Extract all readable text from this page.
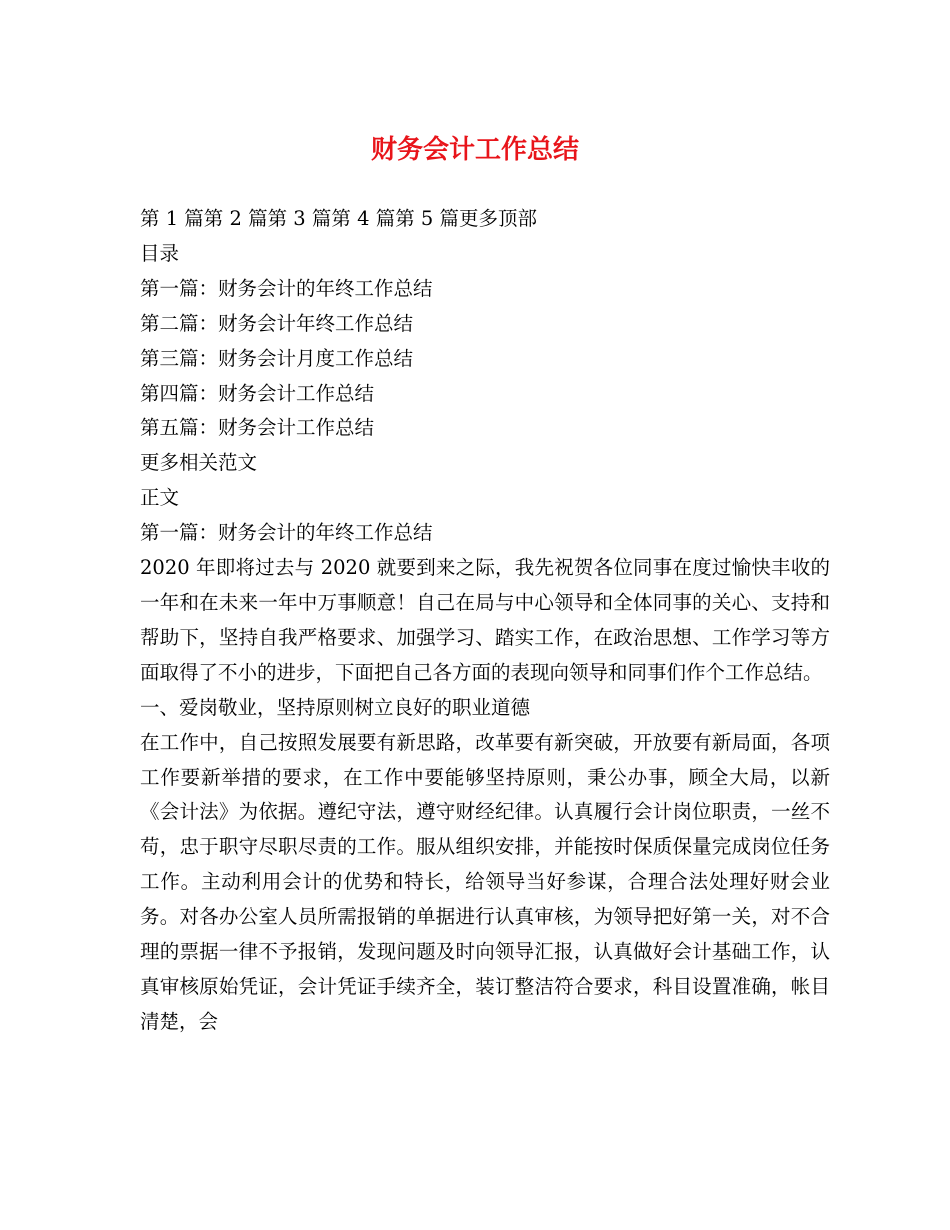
财务会计工作总结

第 1 篇第 2 篇第 3 篇第 4 篇第 5 篇更多顶部

目录

第一篇：财务会计的年终工作总结

第二篇：财务会计年终工作总结

第三篇：财务会计月度工作总结

第四篇：财务会计工作总结

第五篇：财务会计工作总结

更多相关范文

正文

第一篇：财务会计的年终工作总结

2020 年即将过去与 2020 就要到来之际，我先祝贺各位同事在度过愉快丰收的一年和在未来一年中万事顺意！自己在局与中心领导和全体同事的关心、支持和帮助下，坚持自我严格要求、加强学习、踏实工作，在政治思想、工作学习等方面取得了不小的进步，下面把自己各方面的表现向领导和同事们作个工作总结。

一、爱岗敬业，坚持原则树立良好的职业道德

在工作中，自己按照发展要有新思路，改革要有新突破，开放要有新局面，各项工作要新举措的要求，在工作中要能够坚持原则，秉公办事，顾全大局，以新《会计法》为依据。遵纪守法，遵守财经纪律。认真履行会计岗位职责，一丝不苟，忠于职守尽职尽责的工作。服从组织安排，并能按时保质保量完成岗位任务工作。主动利用会计的优势和特长，给领导当好参谋，合理合法处理好财会业务。对各办公室人员所需报销的单据进行认真审核，为领导把好第一关，对不合理的票据一律不予报销，发现问题及时向领导汇报，认真做好会计基础工作，认真审核原始凭证，会计凭证手续齐全，装订整洁符合要求，科目设置准确，帐目清楚，会
